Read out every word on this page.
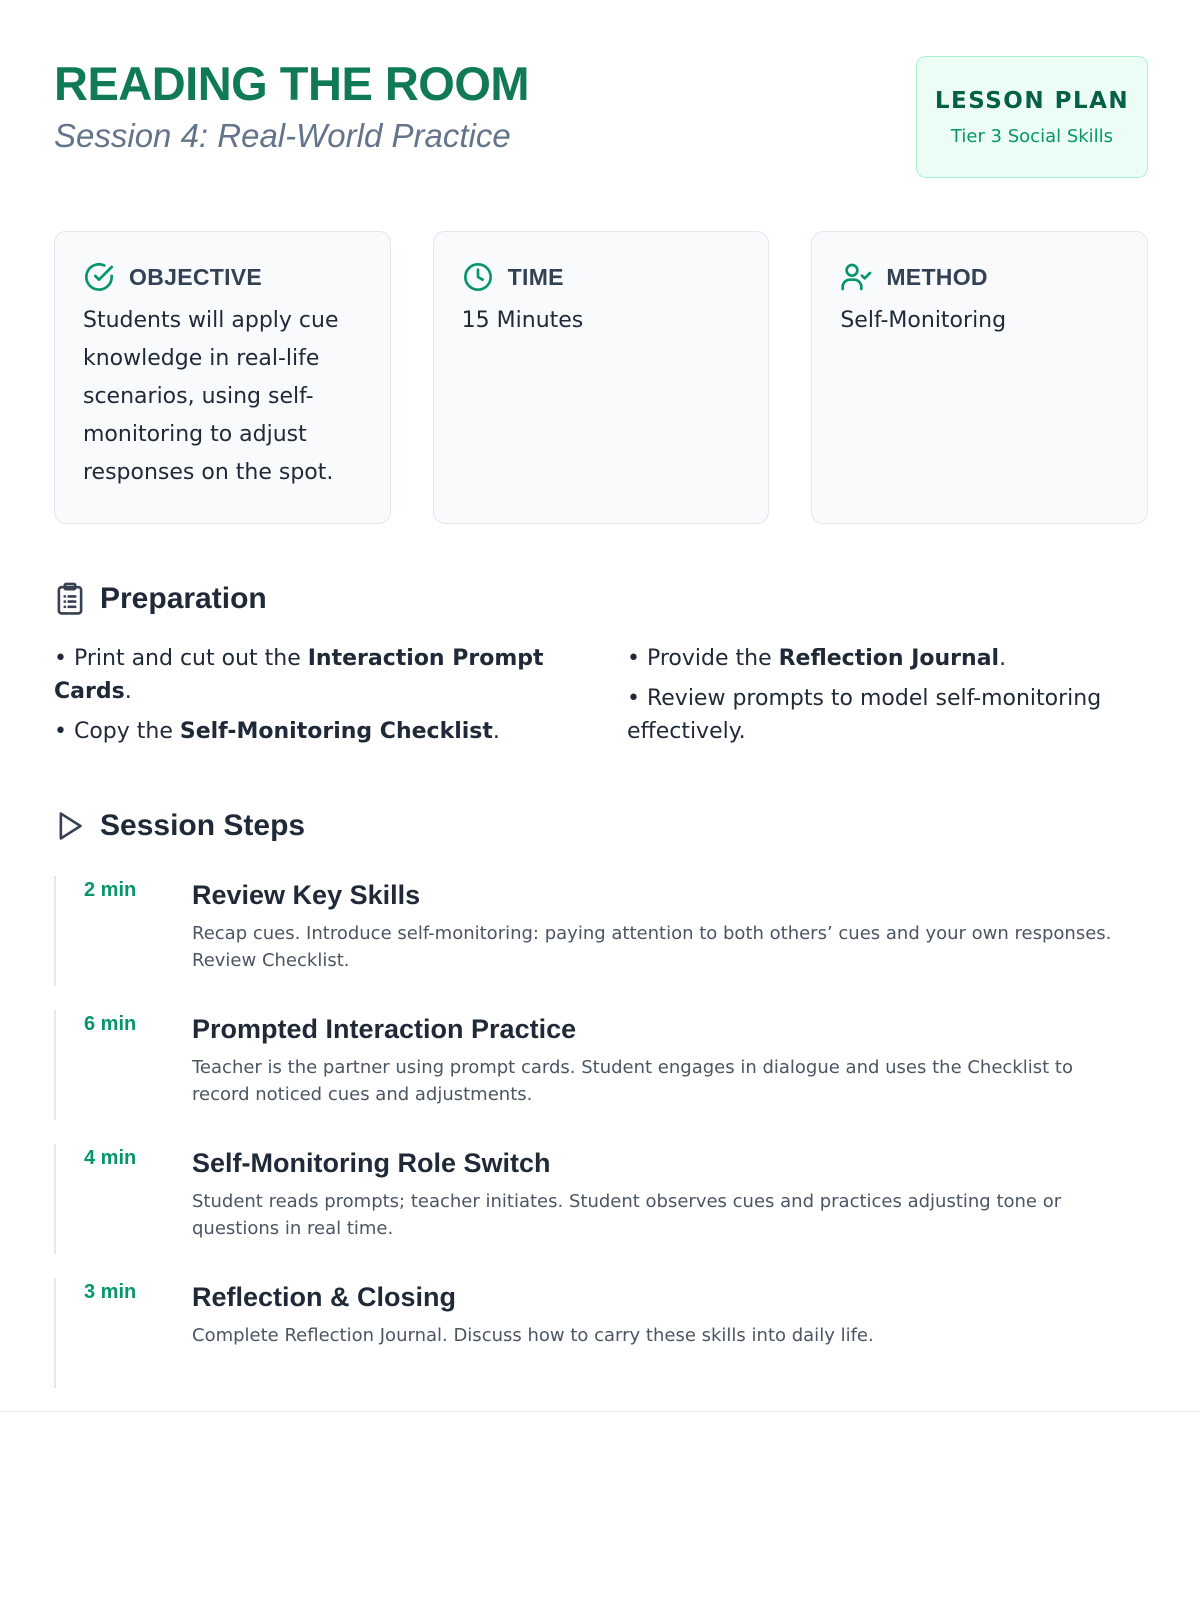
READING THE ROOM
Session 4: Real-World Practice
LESSON PLAN
Tier 3 Social Skills
OBJECTIVE
Students will apply cue knowledge in real-life scenarios, using self-monitoring to adjust responses on the spot.
TIME
15 Minutes
METHOD
Self-Monitoring
Preparation
• Print and cut out the Interaction Prompt Cards.
• Copy the Self-Monitoring Checklist.
• Provide the Reflection Journal.
• Review prompts to model self-monitoring effectively.
Session Steps
2 min Review Key Skills
Recap cues. Introduce self-monitoring: paying attention to both others’ cues and your own responses. Review Checklist.
6 min Prompted Interaction Practice
Teacher is the partner using prompt cards. Student engages in dialogue and uses the Checklist to record noticed cues and adjustments.
4 min Self-Monitoring Role Switch
Student reads prompts; teacher initiates. Student observes cues and practices adjusting tone or questions in real time.
3 min Reflection & Closing
Complete Reflection Journal. Discuss how to carry these skills into daily life.
